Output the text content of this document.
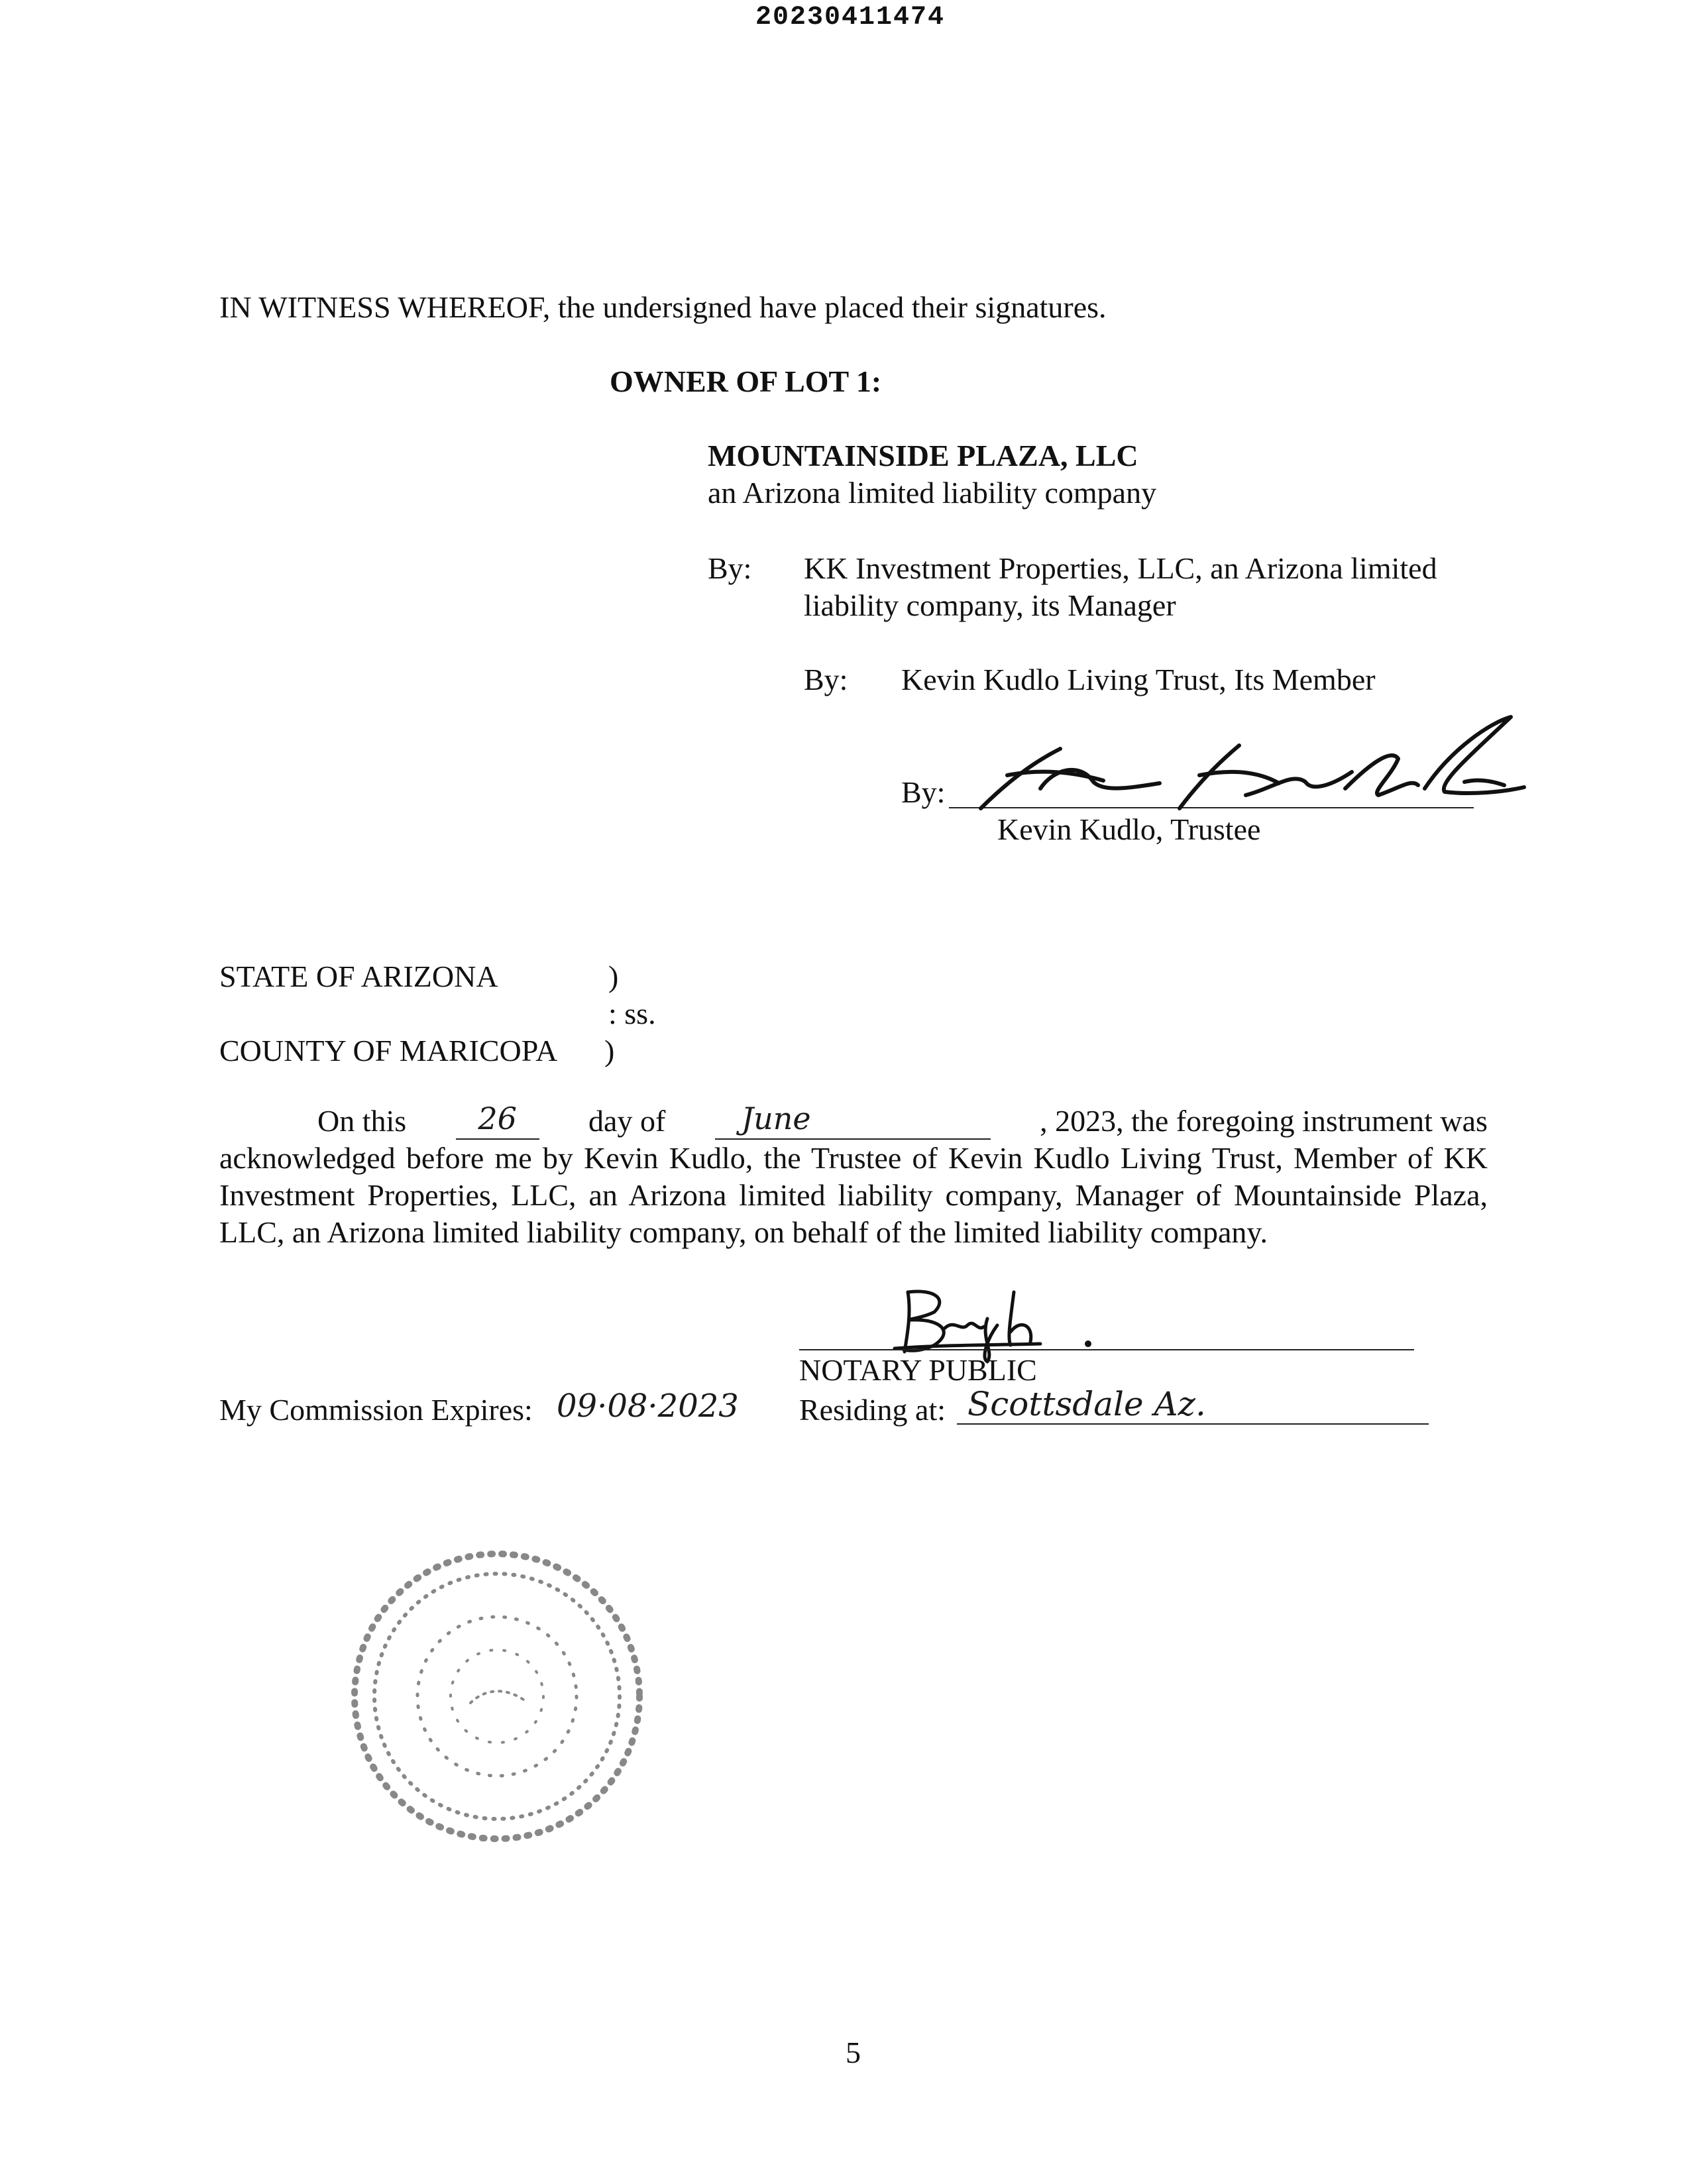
20230411474
IN WITNESS WHEREOF, the undersigned have placed their signatures.
OWNER OF LOT 1:
MOUNTAINSIDE PLAZA, LLC
an Arizona limited liability company
By: KK Investment Properties, LLC, an Arizona limited
liability company, its Manager
By: Kevin Kudlo Living Trust, Its Member
By:
Kevin Kudlo, Trustee
STATE OF ARIZONA	)
: ss.
COUNTY OF MARICOPA )

On this	26	day of	June	, 2023, the foregoing instrument was

acknowledged before me by Kevin Kudlo, the Trustee of Kevin Kudlo Living Trust, Member of KK Investment Properties, LLC, an Arizona limited liability company, Manager of Mountainside Plaza, LLC, an Arizona limited liability company, on behalf of the limited liability company.

NOTARY PUBLIC
My Commission Expires: 09·08·2023 Residing at: Scottsdale Az.
5
